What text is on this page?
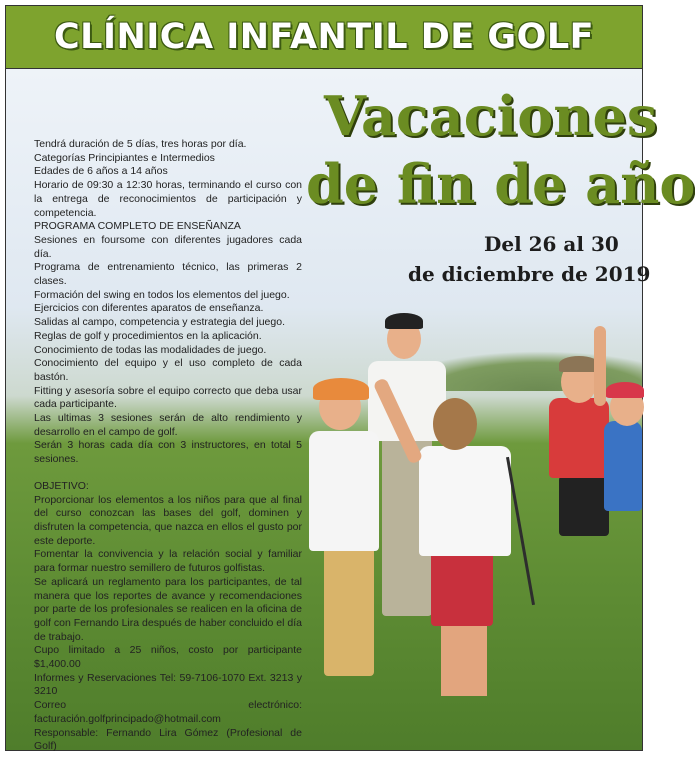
CLÍNICA INFANTIL DE GOLF
Vacaciones
de fin de año
Del 26 al 30
de diciembre de 2019

Tendrá duración de 5 días, tres horas por día.

Categorías Principiantes e Intermedios

Edades de 6 años a 14 años

Horario de 09:30 a 12:30 horas, terminando el curso con la entrega de reconocimientos de participación y competencia.

PROGRAMA COMPLETO DE ENSEÑANZA

Sesiones en foursome con diferentes jugadores cada día.

Programa de entrenamiento técnico, las primeras 2 clases.

Formación del swing en todos los elementos del juego.

Ejercicios con diferentes aparatos de enseñanza.

Salidas al campo, competencia y estrategia del juego.

Reglas de golf y procedimientos en la aplicación.

Conocimiento de todas las modalidades de juego.

Conocimiento del equipo y el uso completo de cada bastón.

Fitting y asesoría sobre el equipo correcto que deba usar cada participante.

Las ultimas 3 sesiones serán de alto rendimiento y desarrollo en el campo de golf.

Serán 3 horas cada día con 3 instructores, en total 5 sesiones.

OBJETIVO:

Proporcionar los elementos a los niños para que al final del curso conozcan las bases del golf, dominen y disfruten la competencia, que nazca en ellos el gusto por este deporte.

Fomentar la convivencia y la relación social y familiar para formar nuestro semillero de futuros golfistas.

Se aplicará un reglamento para los participantes, de tal manera que los reportes de avance y recomendaciones por parte de los profesionales se realicen en la oficina de golf con Fernando Lira después de haber concluido el día de trabajo.

Cupo limitado a 25 niños, costo por participante $1,400.00

Informes y Reservaciones Tel: 59-7106-1070 Ext. 3213 y 3210

Correo electrónico: facturación.golfprincipado@hotmail.com

Responsable: Fernando Lira Gómez (Profesional de Golf)
